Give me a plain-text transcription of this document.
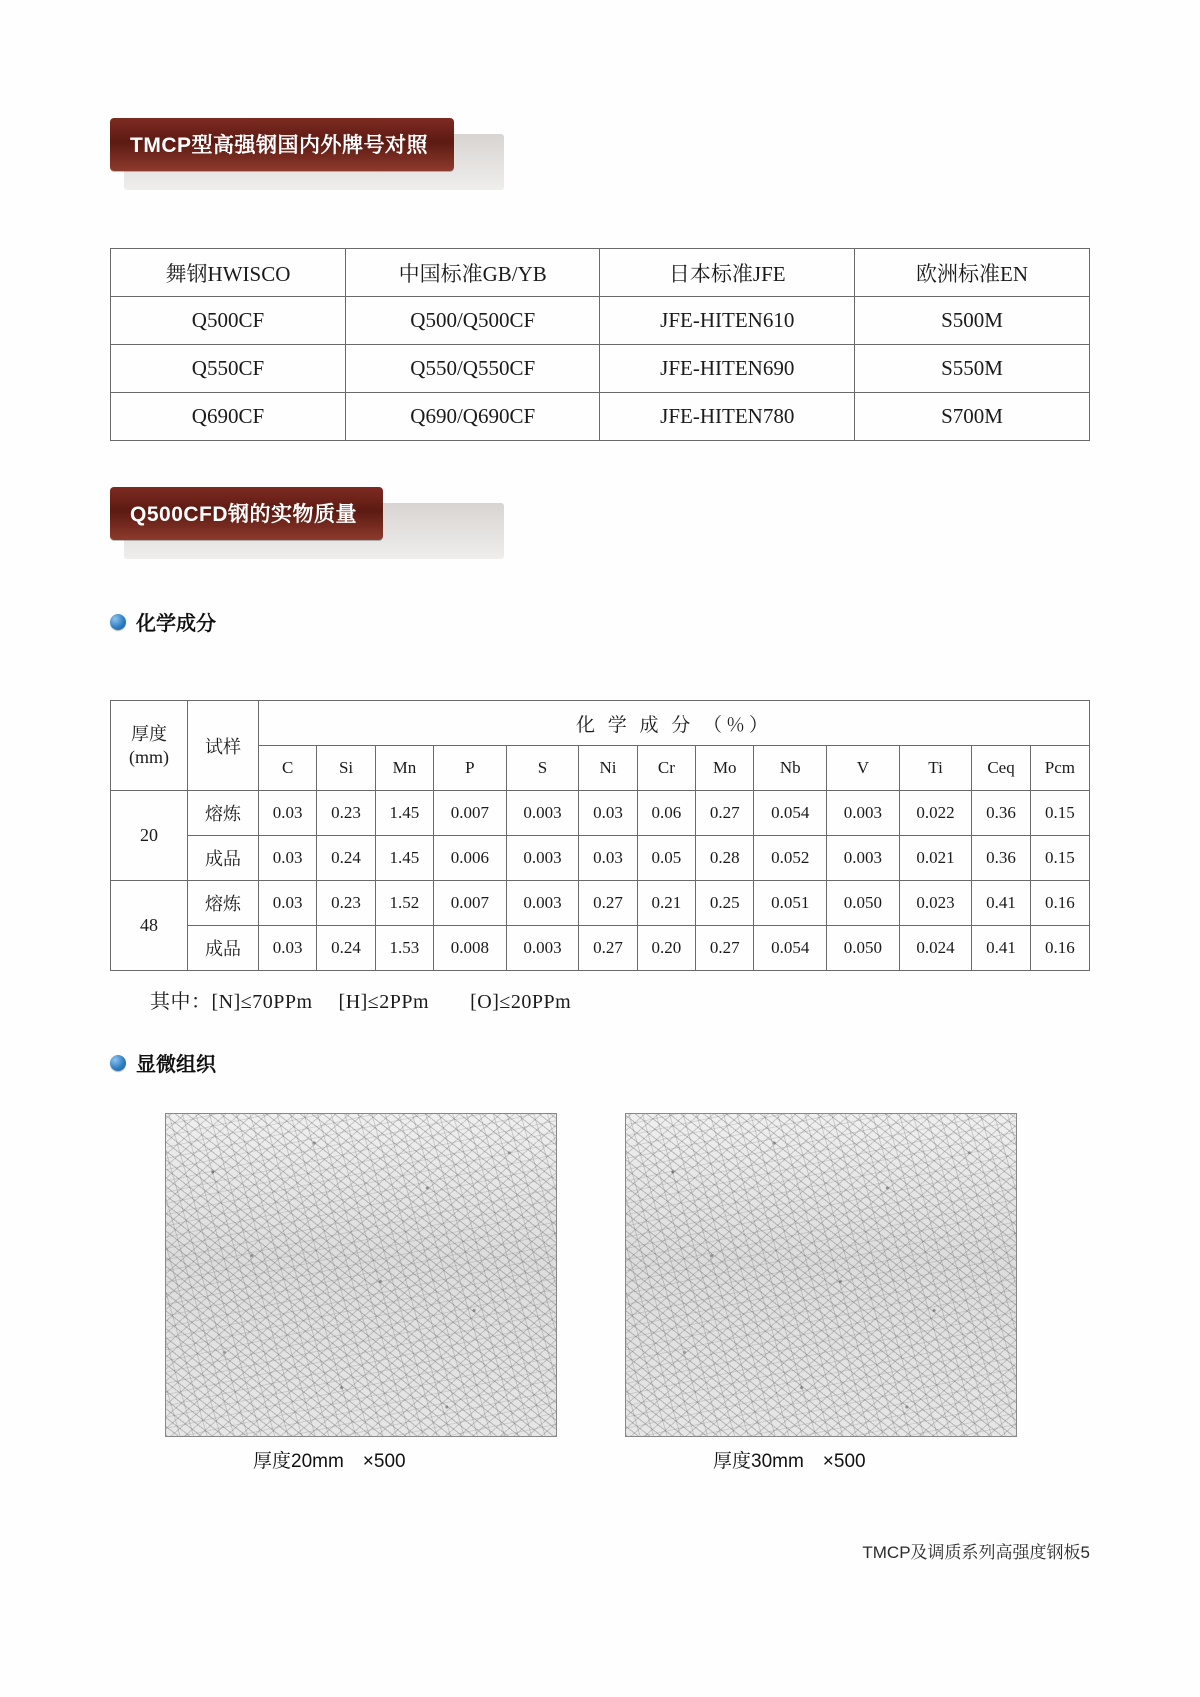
TMCP型高强钢国内外牌号对照
舞钢HWISCO	中国标准GB/YB	日本标准JFE	欧洲标准EN
Q500CF	Q500/Q500CF	JFE-HITEN610	S500M
Q550CF	Q550/Q550CF	JFE-HITEN690	S550M
Q690CF	Q690/Q690CF	JFE-HITEN780	S700M
Q500CFD钢的实物质量
化学成分
厚度
(mm)	试样	化 学 成 分 （％）												
		C	Si	Mn	P	S	Ni	Cr	Mo	Nb	V	Ti	Ceq	Pcm
20	熔炼	0.03	0.23	1.45	0.007	0.003	0.03	0.06	0.27	0.054	0.003	0.022	0.36	0.15
	成品	0.03	0.24	1.45	0.006	0.003	0.03	0.05	0.28	0.052	0.003	0.021	0.36	0.15
48	熔炼	0.03	0.23	1.52	0.007	0.003	0.27	0.21	0.25	0.051	0.050	0.023	0.41	0.16
	成品	0.03	0.24	1.53	0.008	0.003	0.27	0.20	0.27	0.054	0.050	0.024	0.41	0.16
其中：[N]≤70PPm　 [H]≤2PPm　　[O]≤20PPm
显微组织
厚度20mm　×500	厚度30mm　×500
TMCP及调质系列高强度钢板5
